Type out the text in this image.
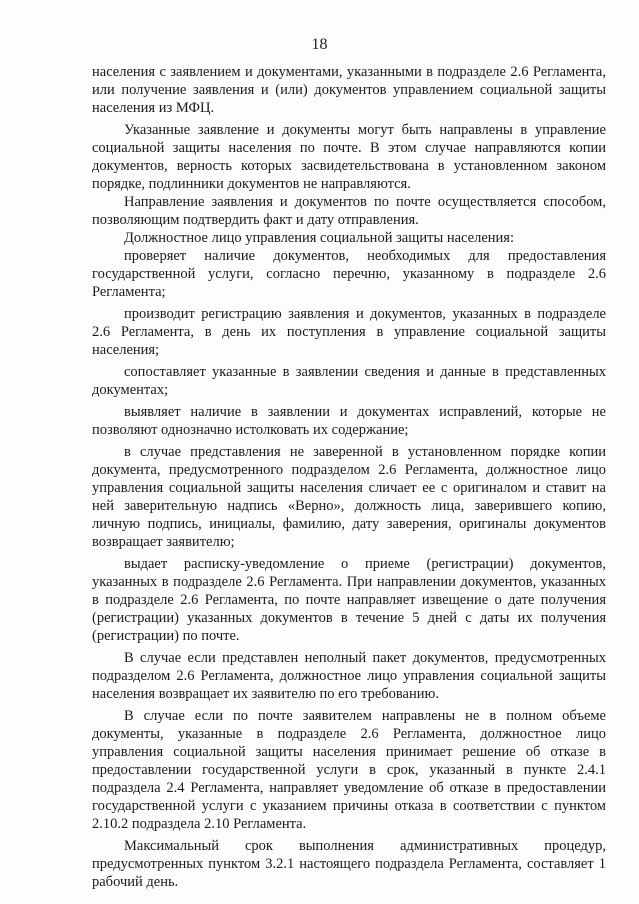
18

населения с заявлением и документами, указанными в подразделе 2.6 Регламента, или получение заявления и (или) документов управлением социальной защиты населения из МФЦ.

Указанные заявление и документы могут быть направлены в управление социальной защиты населения по почте. В этом случае направляются копии документов, верность которых засвидетельствована в установленном законом порядке, подлинники документов не направляются.

Направление заявления и документов по почте осуществляется способом, позволяющим подтвердить факт и дату отправления.

Должностное лицо управления социальной защиты населения:

проверяет наличие документов, необходимых для предоставления государственной услуги, согласно перечню, указанному в подразделе 2.6 Регламента;

производит регистрацию заявления и документов, указанных в подразделе 2.6 Регламента, в день их поступления в управление социальной защиты населения;

сопоставляет указанные в заявлении сведения и данные в представленных документах;

выявляет наличие в заявлении и документах исправлений, которые не позволяют однозначно истолковать их содержание;

в случае представления не заверенной в установленном порядке копии документа, предусмотренного подразделом 2.6 Регламента, должностное лицо управления социальной защиты населения сличает ее с оригиналом и ставит на ней заверительную надпись «Верно», должность лица, заверившего копию, личную подпись, инициалы, фамилию, дату заверения, оригиналы документов возвращает заявителю;

выдает расписку-уведомление о приеме (регистрации) документов, указанных в подразделе 2.6 Регламента. При направлении документов, указанных в подразделе 2.6 Регламента, по почте направляет извещение о дате получения (регистрации) указанных документов в течение 5 дней с даты их получения (регистрации) по почте.

В случае если представлен неполный пакет документов, предусмотренных подразделом 2.6 Регламента, должностное лицо управления социальной защиты населения возвращает их заявителю по его требованию.

В случае если по почте заявителем направлены не в полном объеме документы, указанные в подразделе 2.6 Регламента, должностное лицо управления социальной защиты населения принимает решение об отказе в предоставлении государственной услуги в срок, указанный в пункте 2.4.1 подраздела 2.4 Регламента, направляет уведомление об отказе в предоставлении государственной услуги с указанием причины отказа в соответствии с пунктом 2.10.2 подраздела 2.10 Регламента.

Максимальный срок выполнения административных процедур, предусмотренных пунктом 3.2.1 настоящего подраздела Регламента, составляет 1 рабочий день.
